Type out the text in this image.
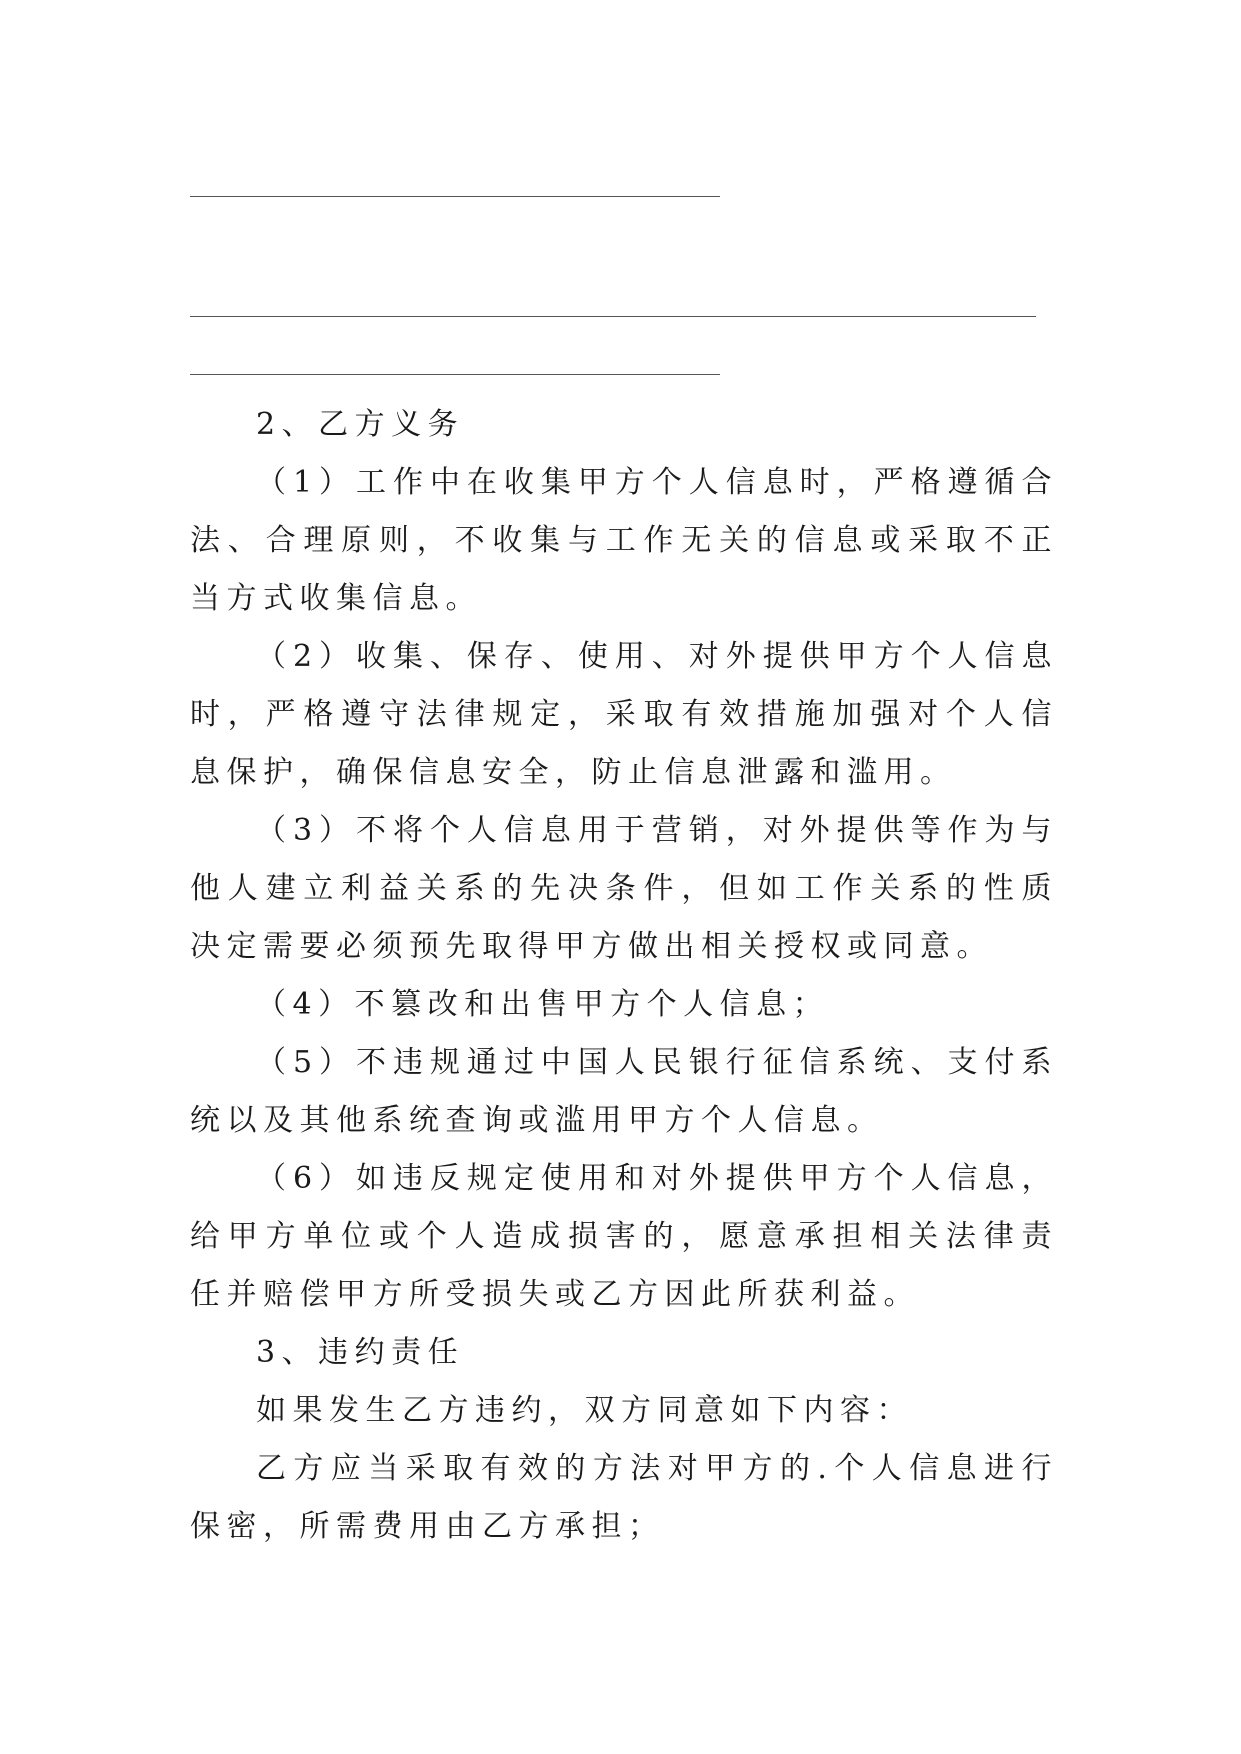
2、乙方义务

（1）工作中在收集甲方个人信息时，严格遵循合法、合理原则，不收集与工作无关的信息或采取不正当方式收集信息。

（2）收集、保存、使用、对外提供甲方个人信息时，严格遵守法律规定，采取有效措施加强对个人信息保护，确保信息安全，防止信息泄露和滥用。

（3）不将个人信息用于营销，对外提供等作为与他人建立利益关系的先决条件，但如工作关系的性质决定需要必须预先取得甲方做出相关授权或同意。

（4）不篡改和出售甲方个人信息；

（5）不违规通过中国人民银行征信系统、支付系统以及其他系统查询或滥用甲方个人信息。

（6）如违反规定使用和对外提供甲方个人信息，给甲方单位或个人造成损害的，愿意承担相关法律责任并赔偿甲方所受损失或乙方因此所获利益。

3、违约责任

如果发生乙方违约，双方同意如下内容：

乙方应当采取有效的方法对甲方的.个人信息进行保密，所需费用由乙方承担；
